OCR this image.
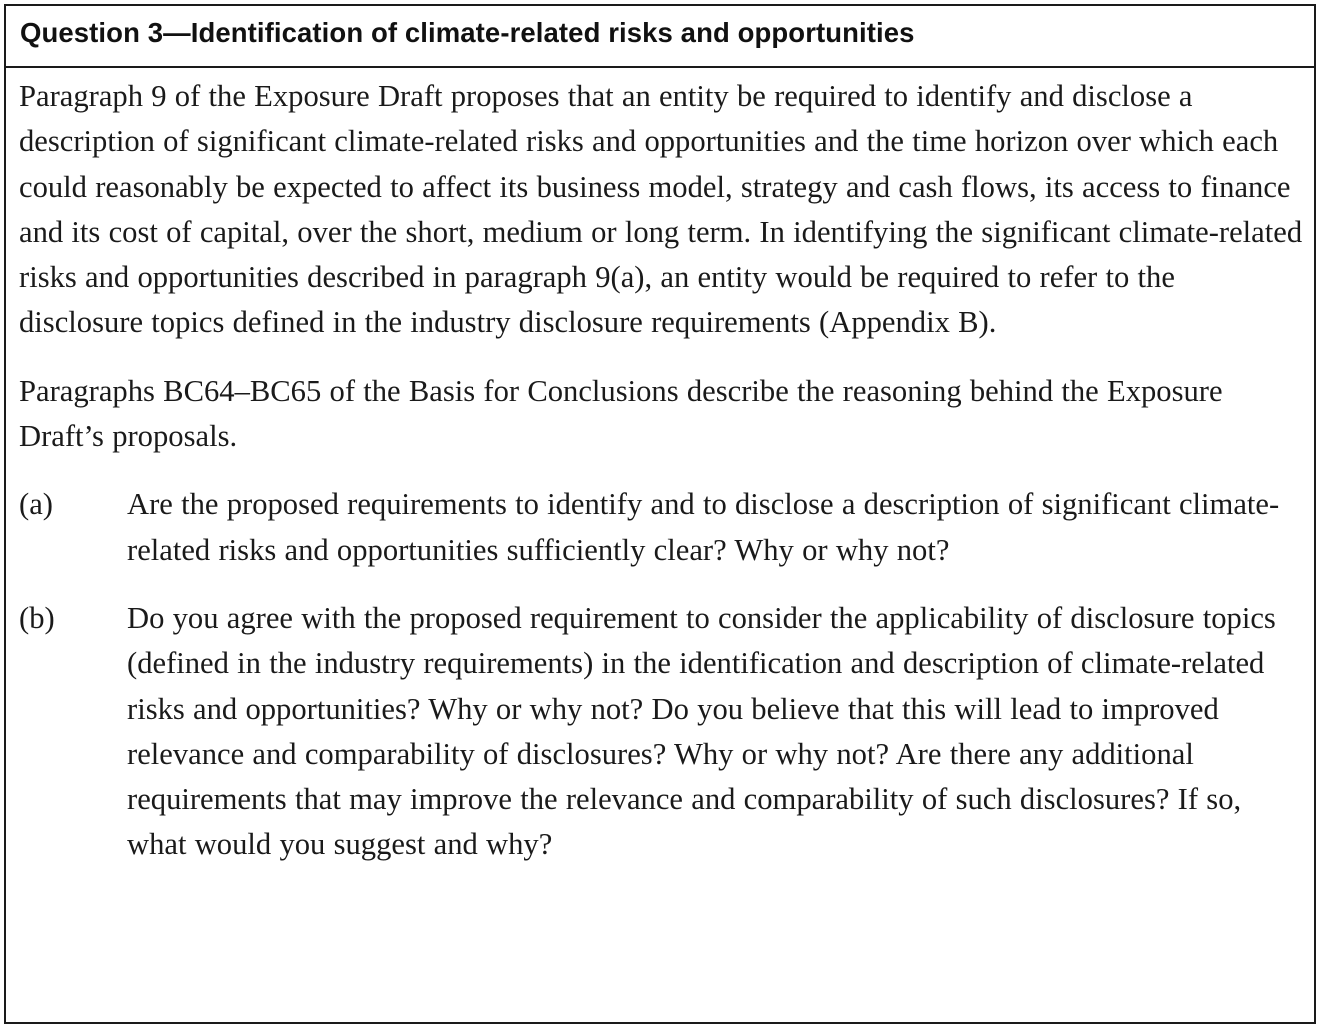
Question 3—Identification of climate-related risks and opportunities

Paragraph 9 of the Exposure Draft proposes that an entity be required to identify and disclose a description of significant climate-related risks and opportunities and the time horizon over which each could reasonably be expected to affect its business model, strategy and cash flows, its access to finance and its cost of capital, over the short, medium or long term. In identifying the significant climate-related risks and opportunities described in paragraph 9(a), an entity would be required to refer to the disclosure topics defined in the industry disclosure requirements (Appendix B).

Paragraphs BC64–BC65 of the Basis for Conclusions describe the reasoning behind the Exposure Draft’s proposals.

(a)	Are the proposed requirements to identify and to disclose a description of significant climate-related risks and opportunities sufficiently clear? Why or why not?
(b)	Do you agree with the proposed requirement to consider the applicability of disclosure topics (defined in the industry requirements) in the identification and description of climate-related risks and opportunities? Why or why not? Do you believe that this will lead to improved relevance and comparability of disclosures? Why or why not? Are there any additional requirements that may improve the relevance and comparability of such disclosures? If so, what would you suggest and why?
